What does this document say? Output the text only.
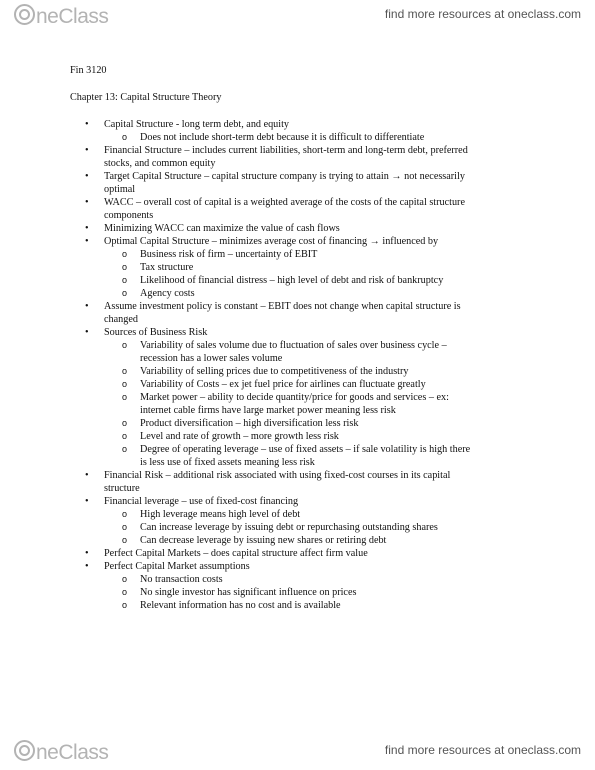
neClass	find more resources at oneclass.com
Fin 3120
Chapter 13: Capital Structure Theory
• Capital Structure - long term debt, and equity
o Does not include short-term debt because it is difficult to differentiate
• Financial Structure – includes current liabilities, short-term and long-term debt, preferred
stocks, and common equity
• Target Capital Structure – capital structure company is trying to attain → not necessarily
optimal
• WACC – overall cost of capital is a weighted average of the costs of the capital structure
components
• Minimizing WACC can maximize the value of cash flows
• Optimal Capital Structure – minimizes average cost of financing → influenced by
o Business risk of firm – uncertainty of EBIT
o Tax structure
o Likelihood of financial distress – high level of debt and risk of bankruptcy
o Agency costs
• Assume investment policy is constant – EBIT does not change when capital structure is
changed
• Sources of Business Risk
o Variability of sales volume due to fluctuation of sales over business cycle –
recession has a lower sales volume
o Variability of selling prices due to competitiveness of the industry
o Variability of Costs – ex jet fuel price for airlines can fluctuate greatly
o Market power – ability to decide quantity/price for goods and services – ex:
internet cable firms have large market power meaning less risk
o Product diversification – high diversification less risk
o Level and rate of growth – more growth less risk
o Degree of operating leverage – use of fixed assets – if sale volatility is high there
is less use of fixed assets meaning less risk
• Financial Risk – additional risk associated with using fixed-cost courses in its capital
structure
• Financial leverage – use of fixed-cost financing
o High leverage means high level of debt
o Can increase leverage by issuing debt or repurchasing outstanding shares
o Can decrease leverage by issuing new shares or retiring debt
• Perfect Capital Markets – does capital structure affect firm value
• Perfect Capital Market assumptions
o No transaction costs
o No single investor has significant influence on prices
o Relevant information has no cost and is available
neClass	find more resources at oneclass.com
